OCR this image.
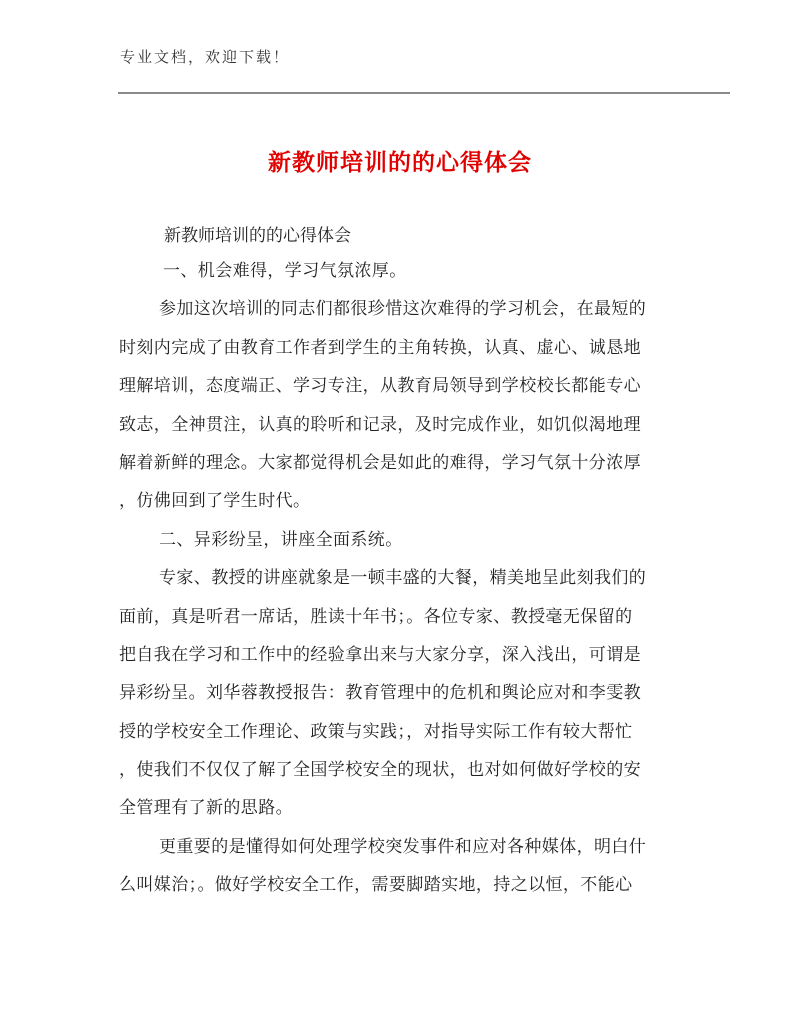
专业文档，欢迎下载！
新教师培训的的心得体会
新教师培训的的心得体会
一、机会难得，学习气氛浓厚。
参加这次培训的同志们都很珍惜这次难得的学习机会，在最短的
时刻内完成了由教育工作者到学生的主角转换，认真、虚心、诚恳地
理解培训，态度端正、学习专注，从教育局领导到学校校长都能专心
致志，全神贯注，认真的聆听和记录，及时完成作业，如饥似渴地理
解着新鲜的理念。大家都觉得机会是如此的难得，学习气氛十分浓厚
，仿佛回到了学生时代。
二、异彩纷呈，讲座全面系统。
专家、教授的讲座就象是一顿丰盛的大餐，精美地呈此刻我们的
面前，真是听君一席话，胜读十年书；。各位专家、教授毫无保留的
把自我在学习和工作中的经验拿出来与大家分享，深入浅出，可谓是
异彩纷呈。刘华蓉教授报告：教育管理中的危机和舆论应对和李雯教
授的学校安全工作理论、政策与实践；，对指导实际工作有较大帮忙
，使我们不仅仅了解了全国学校安全的现状，也对如何做好学校的安
全管理有了新的思路。
更重要的是懂得如何处理学校突发事件和应对各种媒体，明白什
么叫媒治；。做好学校安全工作，需要脚踏实地，持之以恒，不能心
